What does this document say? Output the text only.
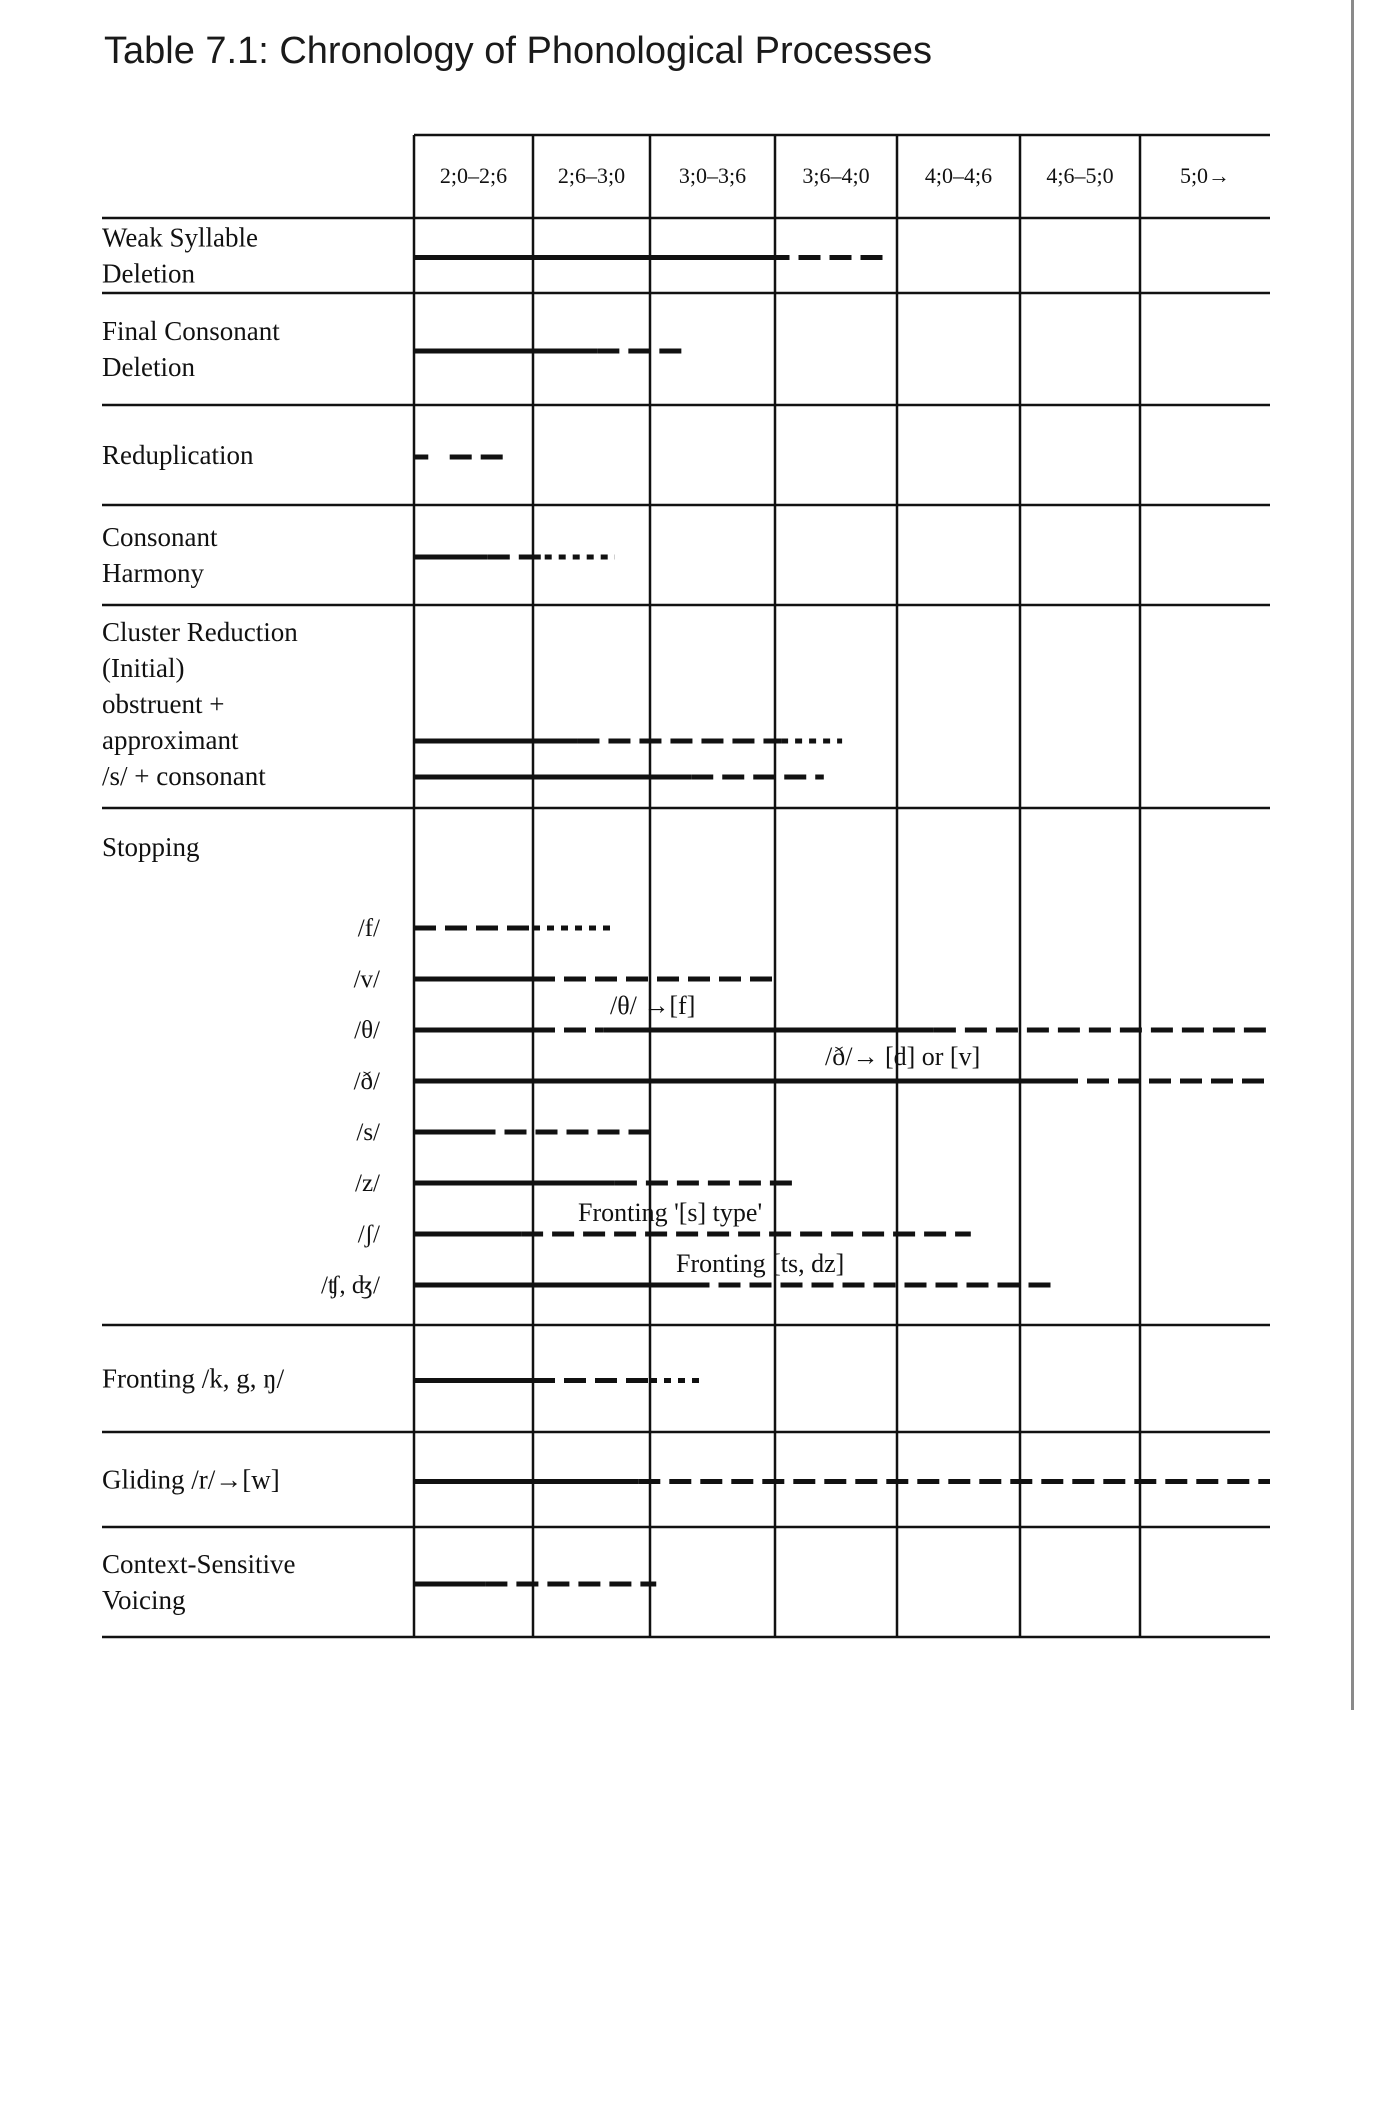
Table 7.1: Chronology of Phonological Processes
2;0–2;6 2;6–3;0 3;0–3;6	3;6–4;0	4;0–4;6 4;6–5;0	5;0→
Weak Syllable
Deletion
Final Consonant
Deletion
Reduplication
Consonant
Harmony
Cluster Reduction
(Initial)
obstruent +
approximant
/s/ + consonant
Stopping
/f/
/v/
/θ/
/θ/ →[f]
/ð/
/ð/→ [d] or [v]
/s/
/z/
Fronting '[s] type'
/ʃ/
Fronting [ts, dz]
/ʧ, ʤ/
Fronting /k, g, ŋ/
Gliding /r/→[w]
Context-Sensitive
Voicing
